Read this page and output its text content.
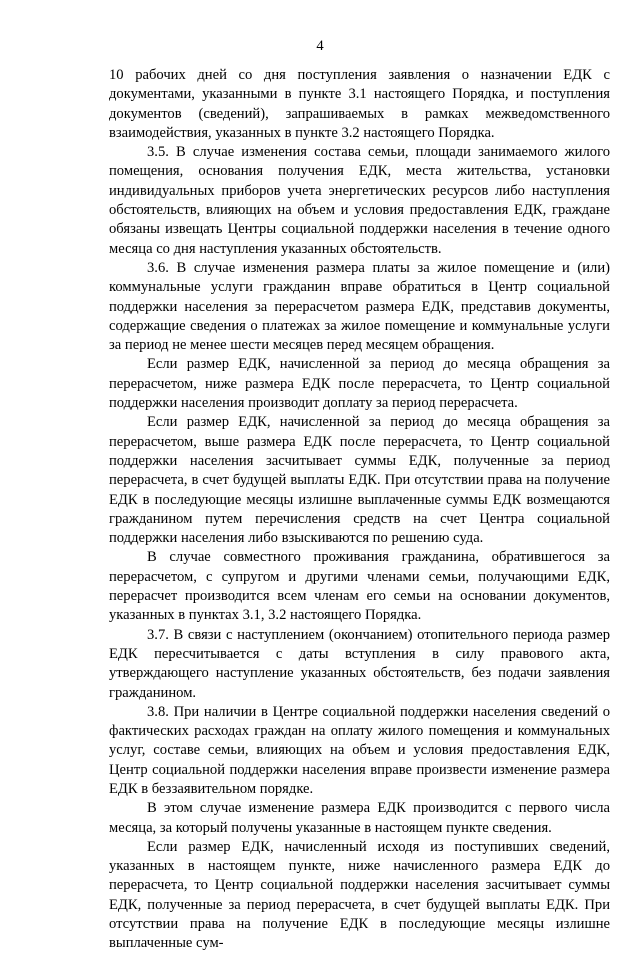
4

10 рабочих дней со дня поступления заявления о назначении ЕДК с документами, указанными в пункте 3.1 настоящего Порядка, и поступления документов (сведений), запрашиваемых в рамках межведомственного взаимодействия, указанных в пункте 3.2 настоящего Порядка.

3.5. В случае изменения состава семьи, площади занимаемого жилого помещения, основания получения ЕДК, места жительства, установки индивидуальных приборов учета энергетических ресурсов либо наступления обстоятельств, влияющих на объем и условия предоставления ЕДК, граждане обязаны извещать Центры социальной поддержки населения в течение одного месяца со дня наступления указанных обстоятельств.

3.6. В случае изменения размера платы за жилое помещение и (или) коммунальные услуги гражданин вправе обратиться в Центр социальной поддержки населения за перерасчетом размера ЕДК, представив документы, содержащие сведения о платежах за жилое помещение и коммунальные услуги за период не менее шести месяцев перед месяцем обращения.

Если размер ЕДК, начисленной за период до месяца обращения за перерасчетом, ниже размера ЕДК после перерасчета, то Центр социальной поддержки населения производит доплату за период перерасчета.

Если размер ЕДК, начисленной за период до месяца обращения за перерасчетом, выше размера ЕДК после перерасчета, то Центр социальной поддержки населения засчитывает суммы ЕДК, полученные за период перерасчета, в счет будущей выплаты ЕДК. При отсутствии права на получение ЕДК в последующие месяцы излишне выплаченные суммы ЕДК возмещаются гражданином путем перечисления средств на счет Центра социальной поддержки населения либо взыскиваются по решению суда.

В случае совместного проживания гражданина, обратившегося за перерасчетом, с супругом и другими членами семьи, получающими ЕДК, перерасчет производится всем членам его семьи на основании документов, указанных в пунктах 3.1, 3.2 настоящего Порядка.

3.7. В связи с наступлением (окончанием) отопительного периода размер ЕДК пересчитывается с даты вступления в силу правового акта, утверждающего наступление указанных обстоятельств, без подачи заявления гражданином.

3.8. При наличии в Центре социальной поддержки населения сведений о фактических расходах граждан на оплату жилого помещения и коммунальных услуг, составе семьи, влияющих на объем и условия предоставления ЕДК, Центр социальной поддержки населения вправе произвести изменение размера ЕДК в беззаявительном порядке.

В этом случае изменение размера ЕДК производится с первого числа месяца, за который получены указанные в настоящем пункте сведения.

Если размер ЕДК, начисленный исходя из поступивших сведений, указанных в настоящем пункте, ниже начисленного размера ЕДК до перерасчета, то Центр социальной поддержки населения засчитывает суммы ЕДК, полученные за период перерасчета, в счет будущей выплаты ЕДК. При отсутствии права на получение ЕДК в последующие месяцы излишне выплаченные сум-
